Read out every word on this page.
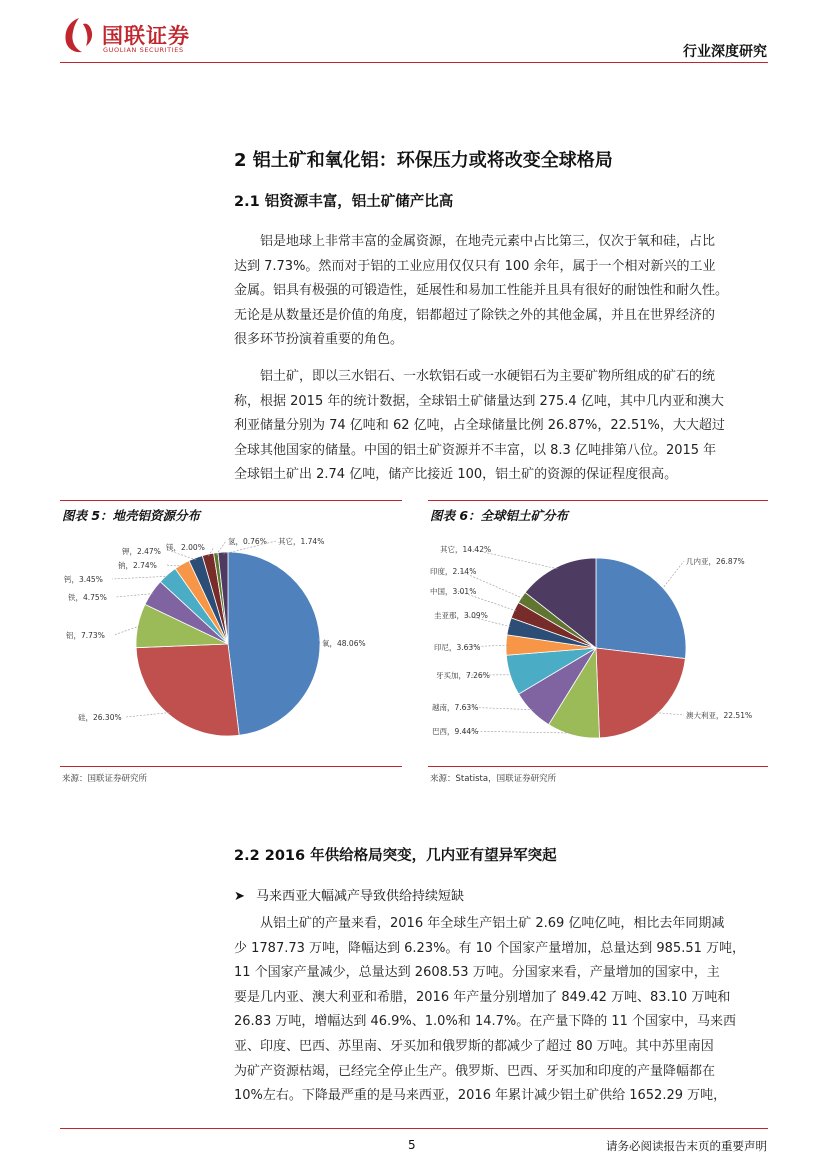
国联证券
GUOLIAN SECURITIES	行业深度研究
2 铝土矿和氧化铝：环保压力或将改变全球格局
2.1 铝资源丰富，铝土矿储产比高
铝是地球上非常丰富的金属资源，在地壳元素中占比第三，仅次于氧和硅，占比
达到 7.73%。然而对于铝的工业应用仅仅只有 100 余年，属于一个相对新兴的工业
金属。铝具有极强的可锻造性，延展性和易加工性能并且具有很好的耐蚀性和耐久性。
无论是从数量还是价值的角度，铝都超过了除铁之外的其他金属，并且在世界经济的
很多环节扮演着重要的角色。
铝土矿，即以三水铝石、一水软铝石或一水硬铝石为主要矿物所组成的矿石的统
称，根据 2015 年的统计数据，全球铝土矿储量达到 275.4 亿吨，其中几内亚和澳大
利亚储量分别为 74 亿吨和 62 亿吨，占全球储量比例 26.87%，22.51%，大大超过
全球其他国家的储量。中国的铝土矿资源并不丰富，以 8.3 亿吨排第八位。2015 年
全球铝土矿出 2.74 亿吨，储产比接近 100，铝土矿的资源的保证程度很高。
图表 5：地壳铝资源分布
氧，48.06%
硅，26.30%
铝，7.73%
铁，4.75%
钙，3.45%
钠，2.74%
钾，2.47% 镁，2.00%
氢，0.76% 其它，1.74%
来源：国联证券研究所
图表 6：全球铝土矿分布
几内亚，26.87%
澳大利亚，22.51%
巴西，9.44%
越南，7.63%
牙买加，7.26%
印尼，3.63%
圭亚那，3.09%
中国，3.01%
印度，2.14%
其它，14.42%
来源：Statista，国联证券研究所
2.2 2016 年供给格局突变，几内亚有望异军突起
➤ 马来西亚大幅减产导致供给持续短缺
从铝土矿的产量来看，2016 年全球生产铝土矿 2.69 亿吨亿吨，相比去年同期减
少 1787.73 万吨，降幅达到 6.23%。有 10 个国家产量增加，总量达到 985.51 万吨，
11 个国家产量减少，总量达到 2608.53 万吨。分国家来看，产量增加的国家中，主
要是几内亚、澳大利亚和希腊，2016 年产量分别增加了 849.42 万吨、83.10 万吨和
26.83 万吨，增幅达到 46.9%、1.0%和 14.7%。在产量下降的 11 个国家中，马来西
亚、印度、巴西、苏里南、牙买加和俄罗斯的都减少了超过 80 万吨。其中苏里南因
为矿产资源枯竭，已经完全停止生产。俄罗斯、巴西、牙买加和印度的产量降幅都在
10%左右。下降最严重的是马来西亚，2016 年累计减少铝土矿供给 1652.29 万吨，
5	请务必阅读报告末页的重要声明
